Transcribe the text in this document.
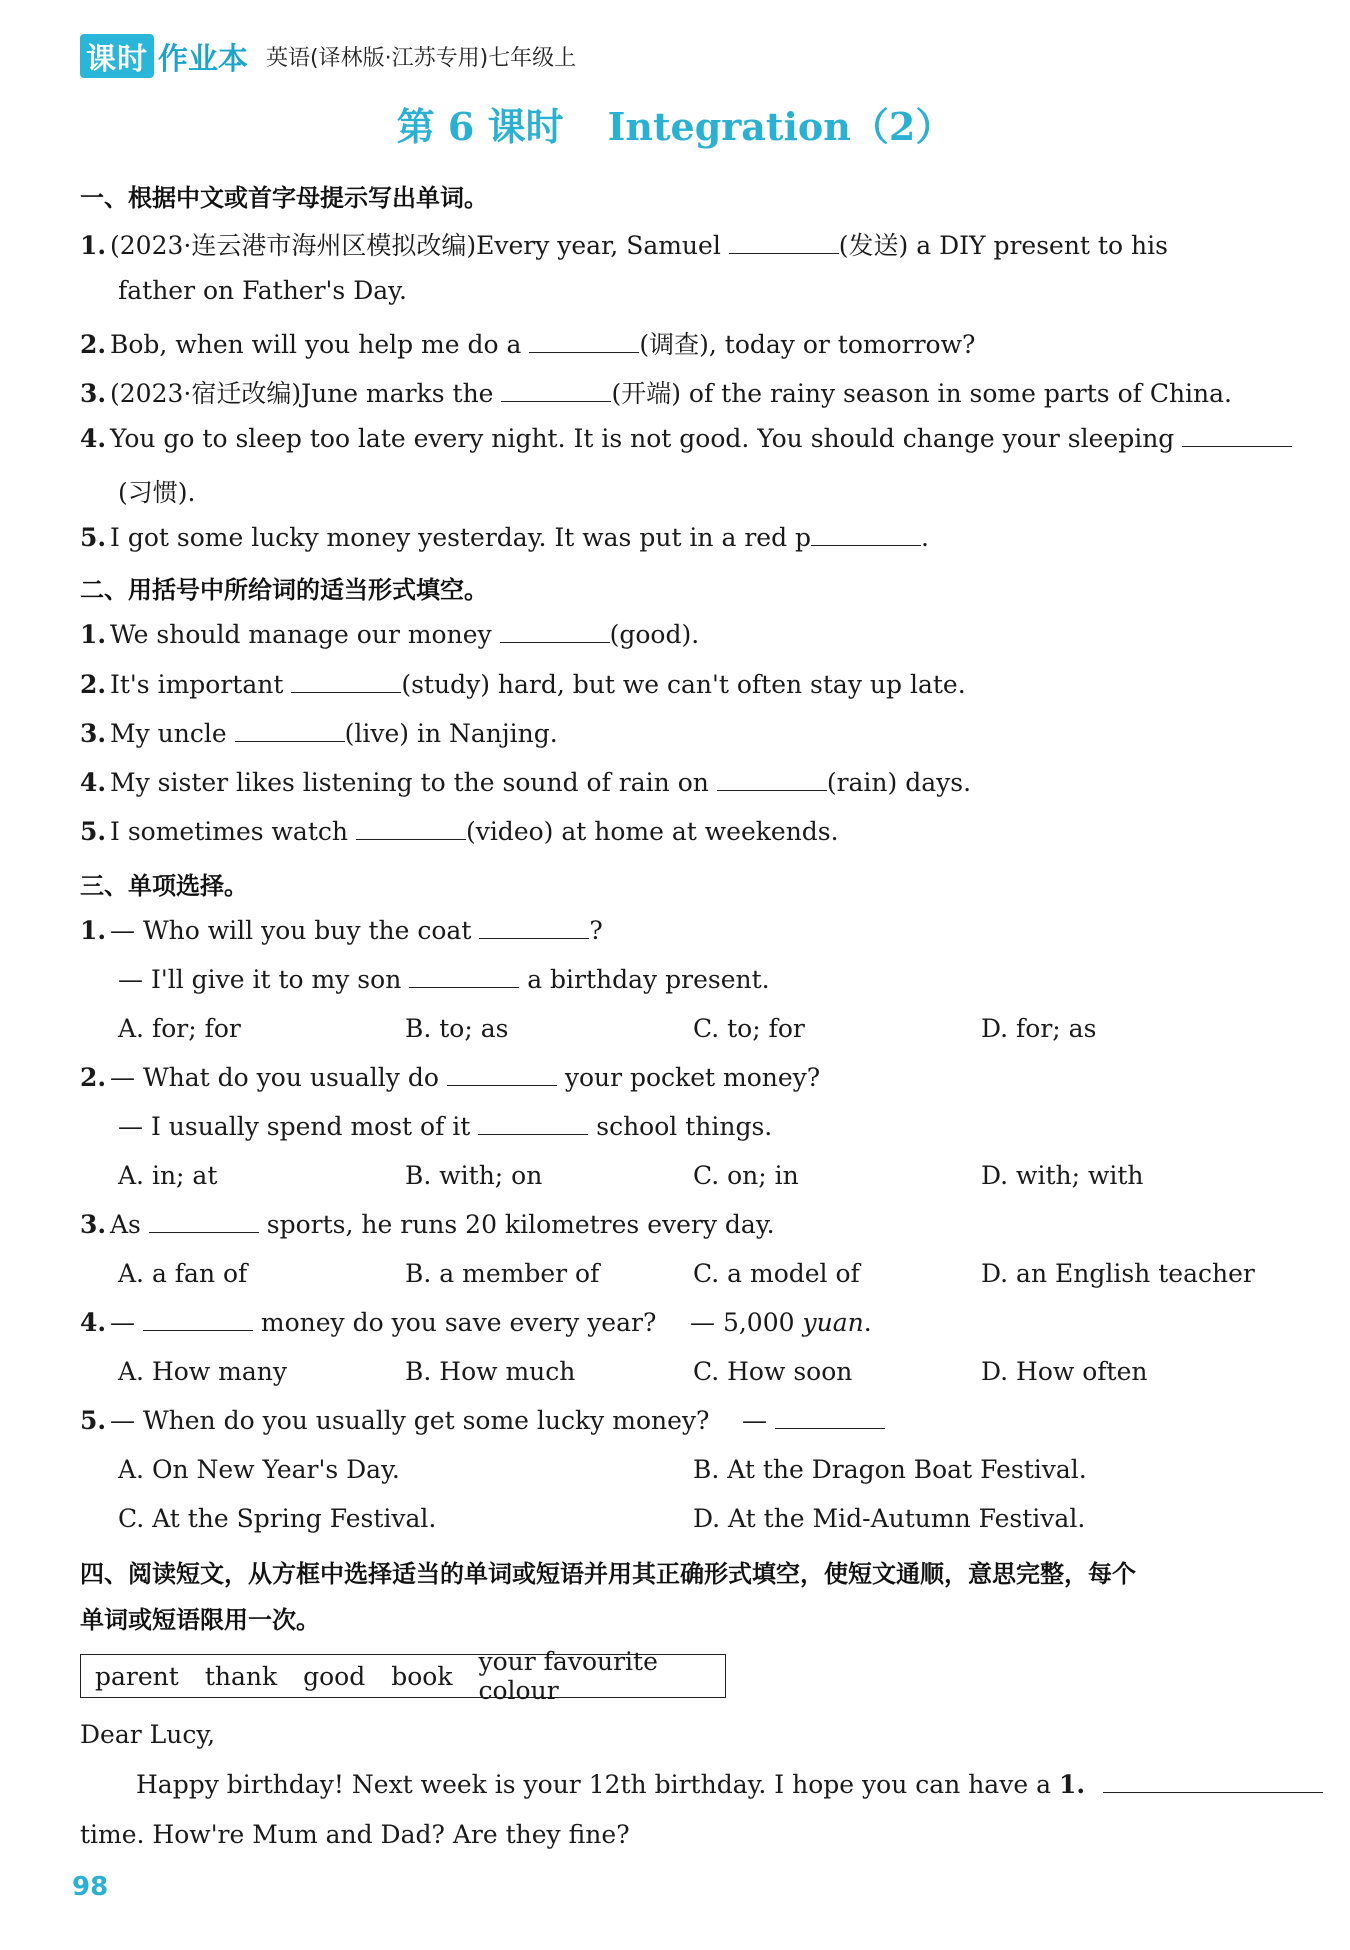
课时 作业本 英语(译林版·江苏专用)七年级上
第 6 课时 Integration（2）
一、根据中文或首字母提示写出单词。
1. (2023·连云港市海州区模拟改编)Every year, Samuel	(发送) a DIY present to his
father on Father's Day.
2. Bob, when will you help me do a	(调查), today or tomorrow?
3. (2023·宿迁改编)June marks the	(开端) of the rainy season in some parts of China.
4. You go to sleep too late every night. It is not good. You should change your sleeping
(习惯).
5. I got some lucky money yesterday. It was put in a red p	.
二、用括号中所给词的适当形式填空。
1. We should manage our money	(good).
2. It's important	(study) hard, but we can't often stay up late.
3. My uncle	(live) in Nanjing.
4. My sister likes listening to the sound of rain on	(rain) days.
5. I sometimes watch	(video) at home at weekends.
三、单项选择。
1. — Who will you buy the coat	?
— I'll give it to my son	a birthday present.
A. for; for	B. to; as	C. to; for	D. for; as
2. — What do you usually do	your pocket money?
— I usually spend most of it	school things.
A. in; at	B. with; on	C. on; in	D. with; with
3. As	sports, he runs 20 kilometres every day.
A. a fan of	B. a member of	C. a model of	D. an English teacher
4. —	money do you save every year? — 5,000 yuan.
A. How many	B. How much	C. How soon	D. How often
5. — When do you usually get some lucky money? —
A. On New Year's Day.	B. At the Dragon Boat Festival.
C. At the Spring Festival.	D. At the Mid-Autumn Festival.
四、阅读短文，从方框中选择适当的单词或短语并用其正确形式填空，使短文通顺，意思完整，每个
单词或短语限用一次。
parent thank good book your favourite colour
Dear Lucy,
Happy birthday! Next week is your 12th birthday. I hope you can have a 1.
time. How're Mum and Dad? Are they fine?
98
